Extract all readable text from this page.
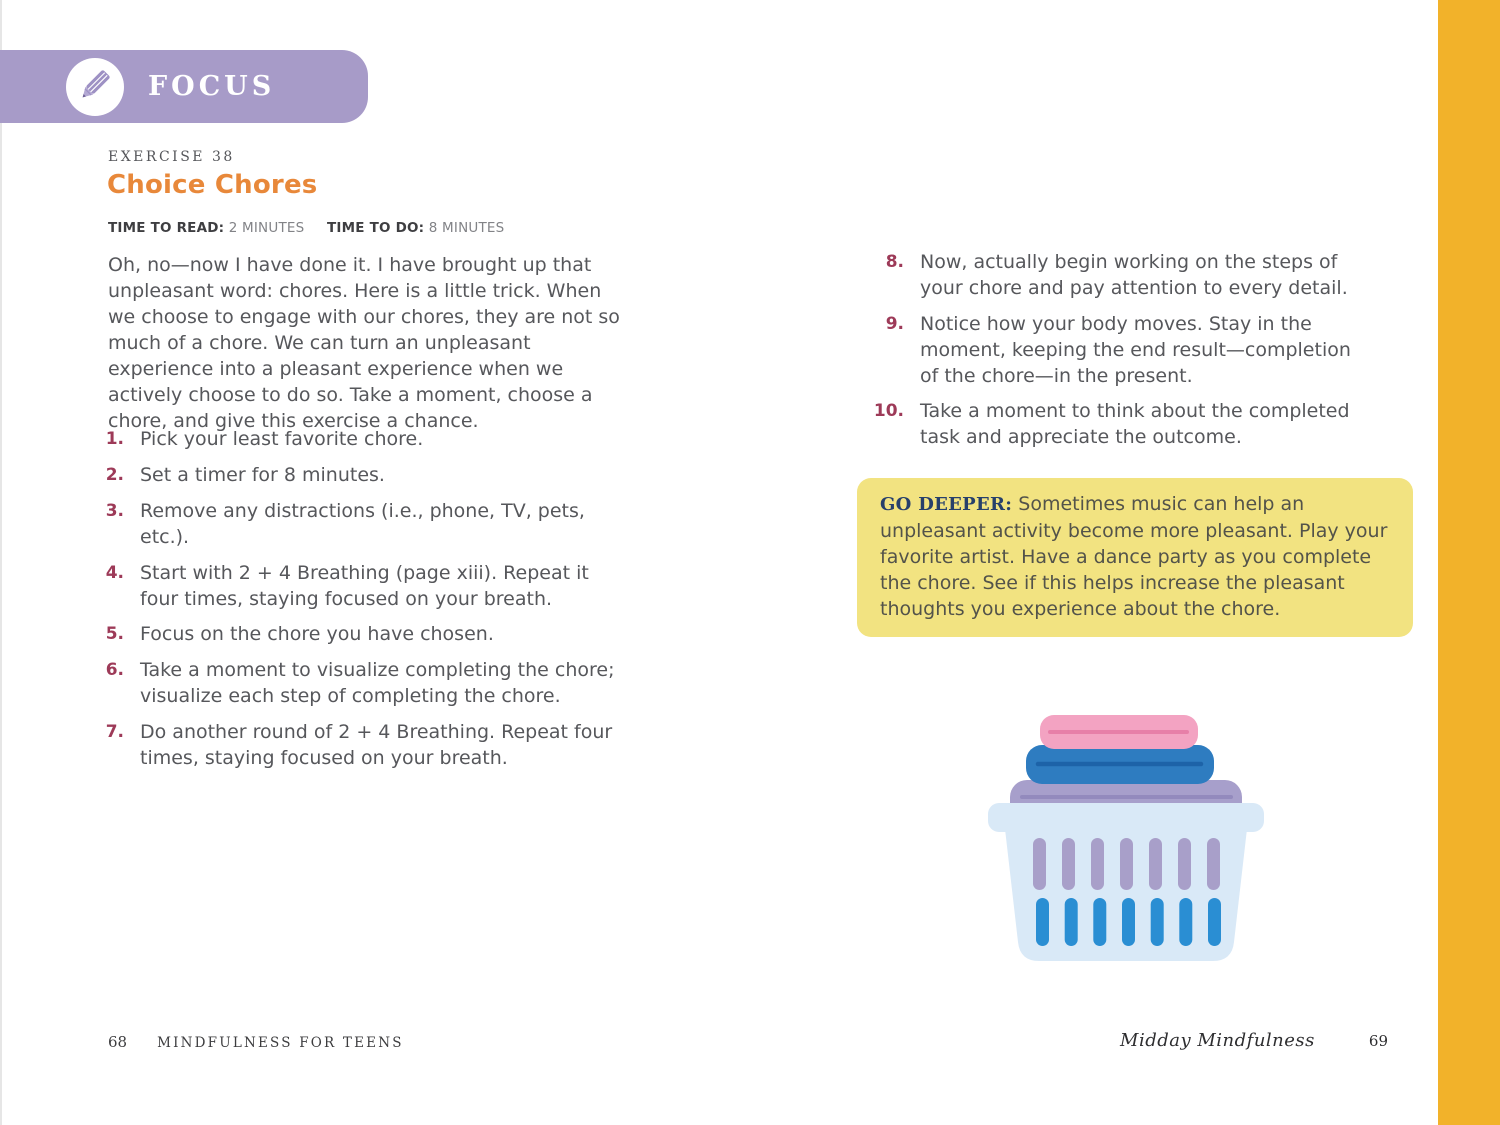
FOCUS
EXERCISE 38
Choice Chores
TIME TO READ: 2 MINUTES	TIME TO DO: 8 MINUTES
Oh, no—now I have done it. I have brought up that unpleasant word: chores. Here is a little trick. When we choose to engage with our chores, they are not so much of a chore. We can turn an unpleasant experience into a pleasant experience when we actively choose to do so. Take a moment, choose a chore, and give this exercise a chance.
1. Pick your least favorite chore.
2. Set a timer for 8 minutes.
3. Remove any distractions (i.e., phone, TV, pets, etc.).
4. Start with 2 + 4 Breathing (page xiii). Repeat it four times, staying focused on your breath.
5. Focus on the chore you have chosen.
6. Take a moment to visualize completing the chore; visualize each step of completing the chore.
7. Do another round of 2 + 4 Breathing. Repeat four times, staying focused on your breath.
8. Now, actually begin working on the steps of your chore and pay attention to every detail.
9. Notice how your body moves. Stay in the moment, keeping the end result—completion of the chore—in the present.
10. Take a moment to think about the completed task and appreciate the outcome.
GO DEEPER: Sometimes music can help an unpleasant activity become more pleasant. Play your favorite artist. Have a dance party as you complete the chore. See if this helps increase the pleasant thoughts you experience about the chore.
68 MINDFULNESS FOR TEENS	Midday Mindfulness	69
